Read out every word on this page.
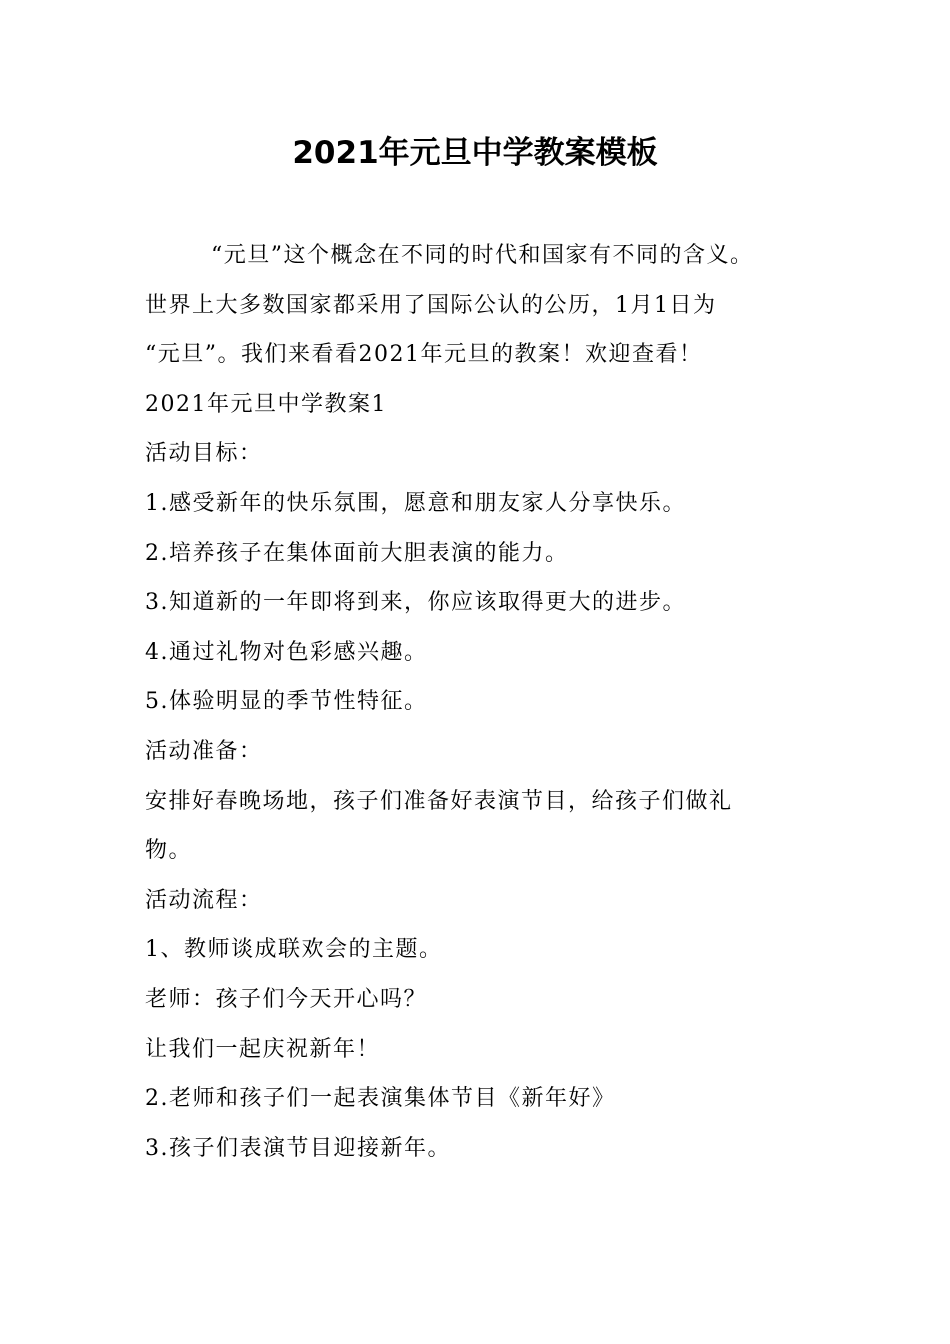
2021年元旦中学教案模板
“元旦”这个概念在不同的时代和国家有不同的含义。
世界上大多数国家都采用了国际公认的公历，1月1日为
“元旦”。我们来看看2021年元旦的教案！欢迎查看！
2021年元旦中学教案1
活动目标：
1.感受新年的快乐氛围，愿意和朋友家人分享快乐。
2.培养孩子在集体面前大胆表演的能力。
3.知道新的一年即将到来，你应该取得更大的进步。
4.通过礼物对色彩感兴趣。
5.体验明显的季节性特征。
活动准备：
安排好春晚场地，孩子们准备好表演节目，给孩子们做礼
物。
活动流程：
1、教师谈成联欢会的主题。
老师：孩子们今天开心吗？
让我们一起庆祝新年！
2.老师和孩子们一起表演集体节目《新年好》
3.孩子们表演节目迎接新年。
